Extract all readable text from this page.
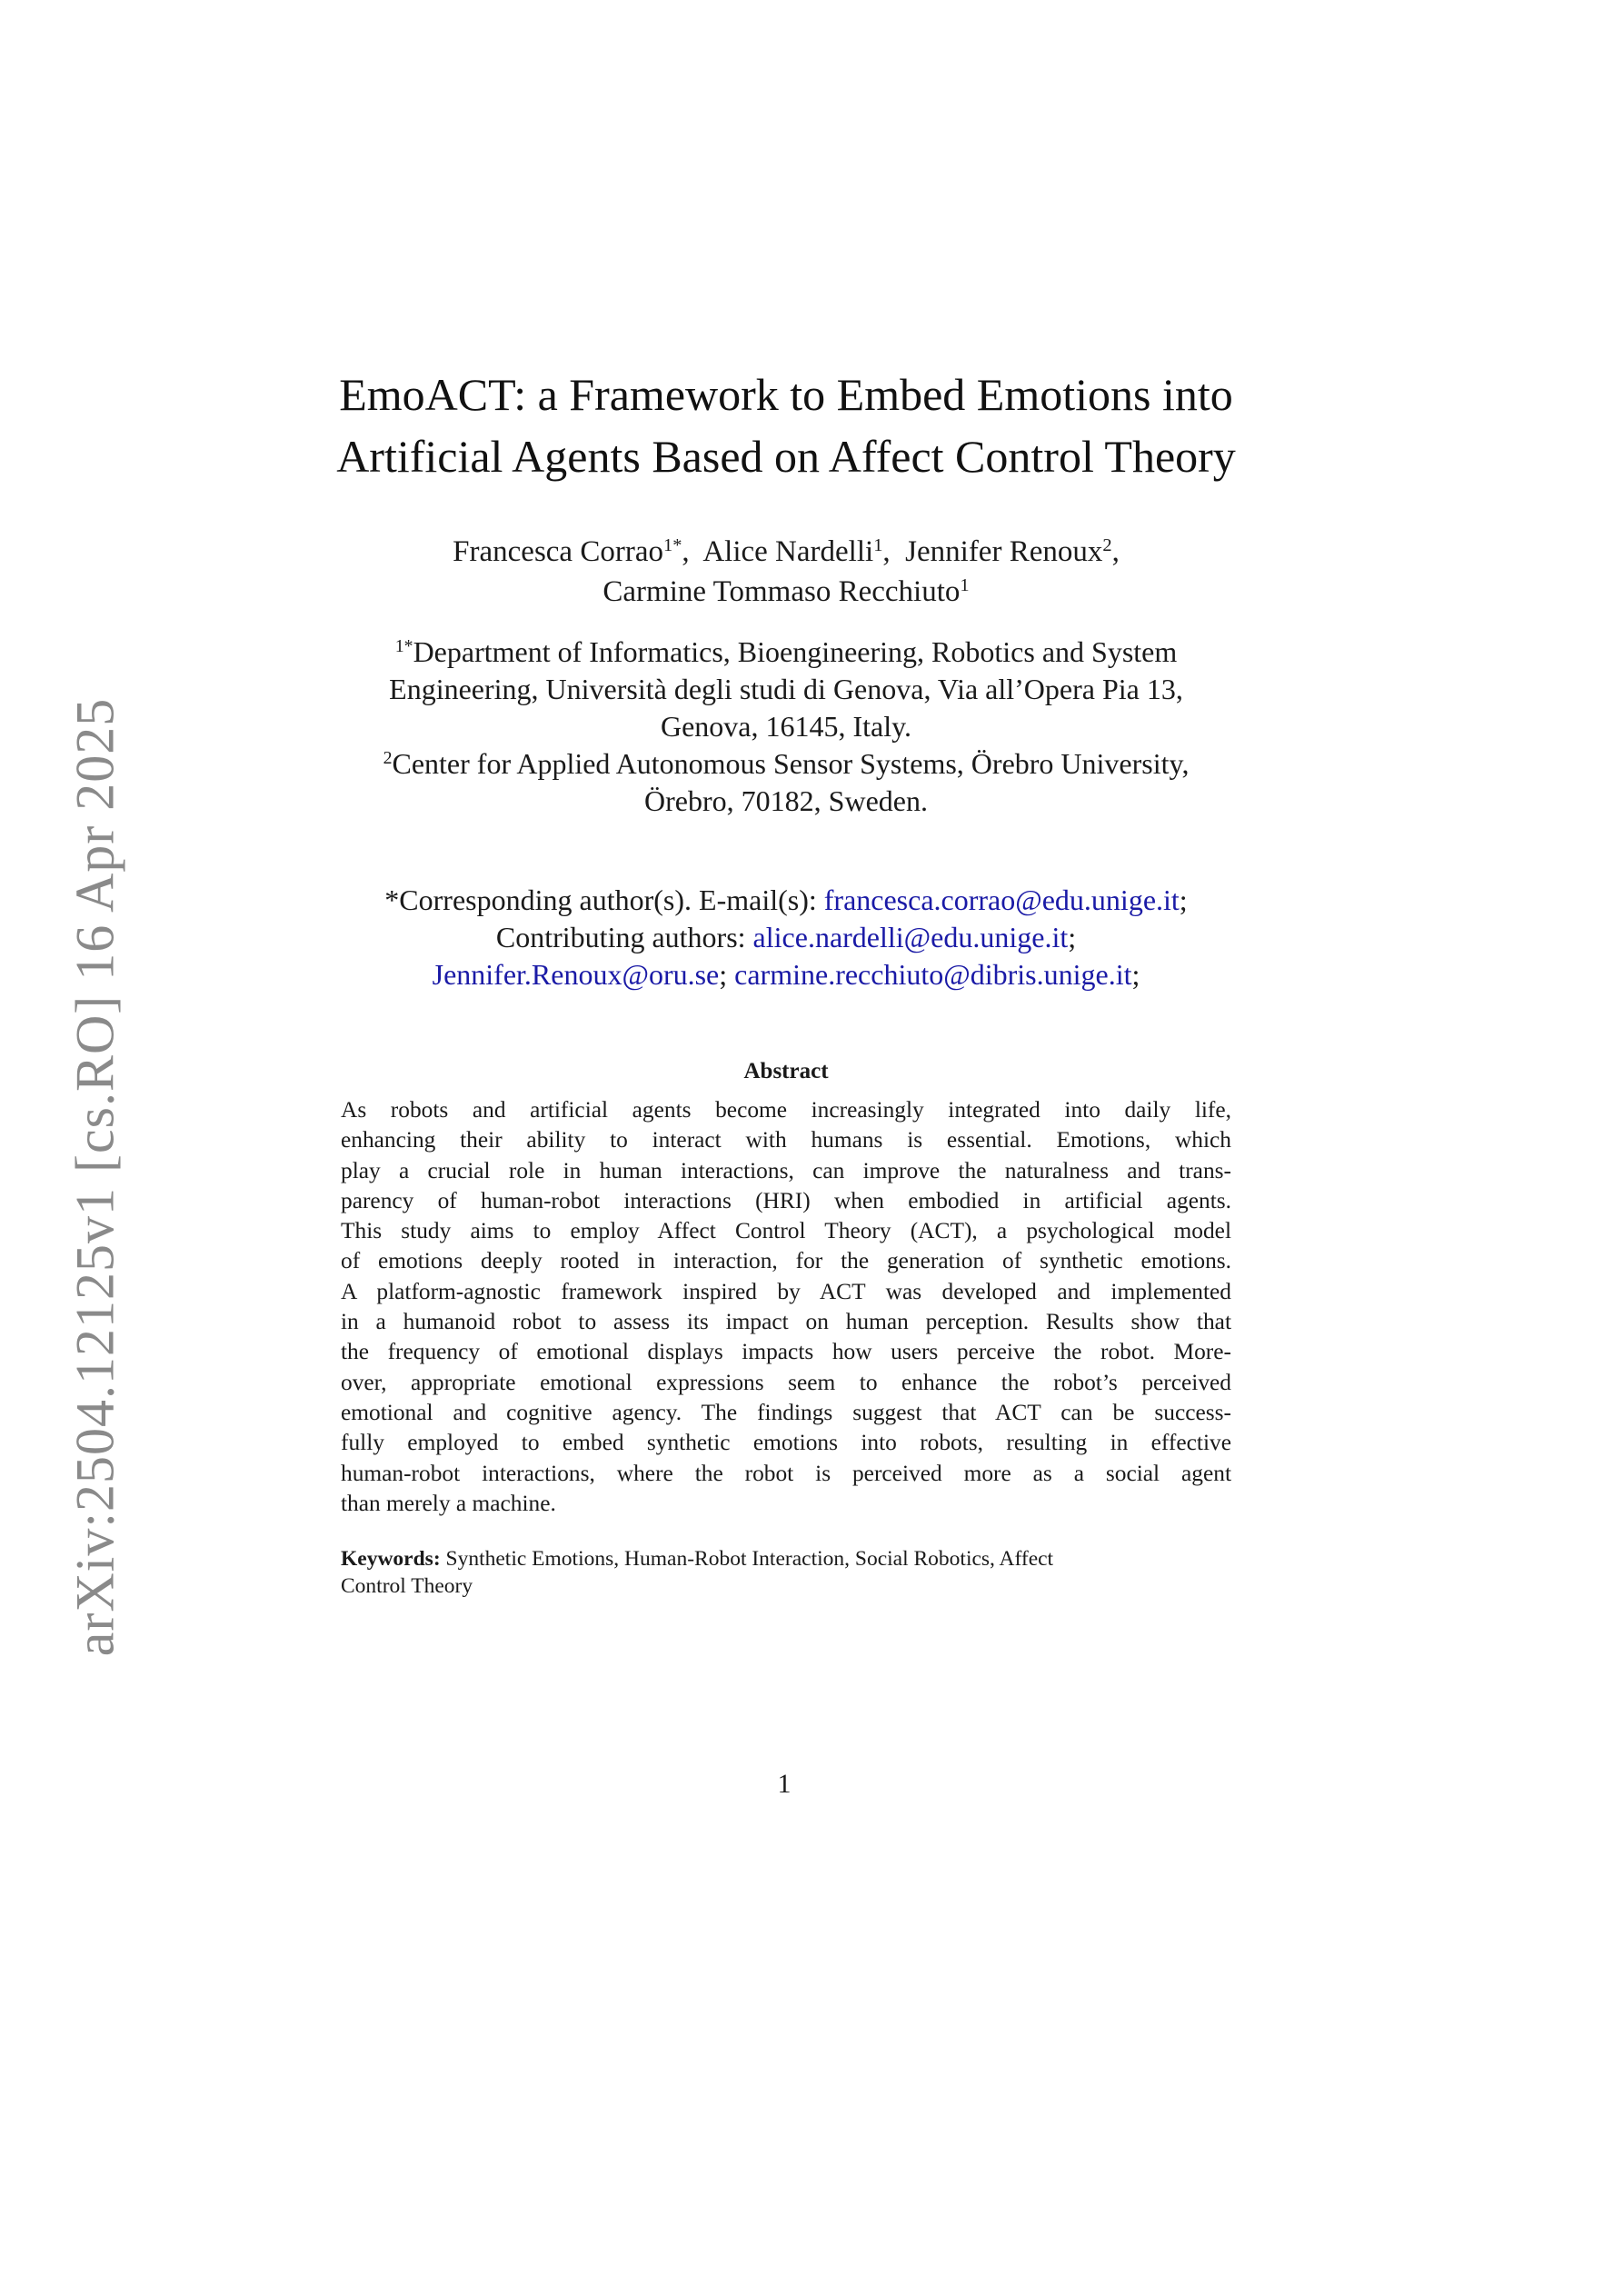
arXiv:2504.12125v1 [cs.RO] 16 Apr 2025
EmoACT: a Framework to Embed Emotions into
Artificial Agents Based on Affect Control Theory
Francesca Corrao$^{1*}$,  Alice Nardelli$^1$,  Jennifer Renoux$^2$,
Carmine Tommaso Recchiuto$^1$
$^{1*}$Department of Informatics, Bioengineering, Robotics and System
Engineering, Università degli studi di Genova, Via all’Opera Pia 13,
Genova, 16145, Italy.
$^2$Center for Applied Autonomous Sensor Systems, Örebro University,
Örebro, 70182, Sweden.
*Corresponding author(s). E-mail(s): francesca.corrao@edu.unige.it;
Contributing authors: alice.nardelli@edu.unige.it;
Jennifer.Renoux@oru.se; carmine.recchiuto@dibris.unige.it;
Abstract
As robots and artificial agents become increasingly integrated into daily life,
enhancing their ability to interact with humans is essential. Emotions, which
play a crucial role in human interactions, can improve the naturalness and trans-
parency of human-robot interactions (HRI) when embodied in artificial agents.
This study aims to employ Affect Control Theory (ACT), a psychological model
of emotions deeply rooted in interaction, for the generation of synthetic emotions.
A platform-agnostic framework inspired by ACT was developed and implemented
in a humanoid robot to assess its impact on human perception. Results show that
the frequency of emotional displays impacts how users perceive the robot. More-
over, appropriate emotional expressions seem to enhance the robot’s perceived
emotional and cognitive agency. The findings suggest that ACT can be success-
fully employed to embed synthetic emotions into robots, resulting in effective
human-robot interactions, where the robot is perceived more as a social agent
than merely a machine.
Keywords: Synthetic Emotions, Human-Robot Interaction, Social Robotics, Affect
Control Theory
1
